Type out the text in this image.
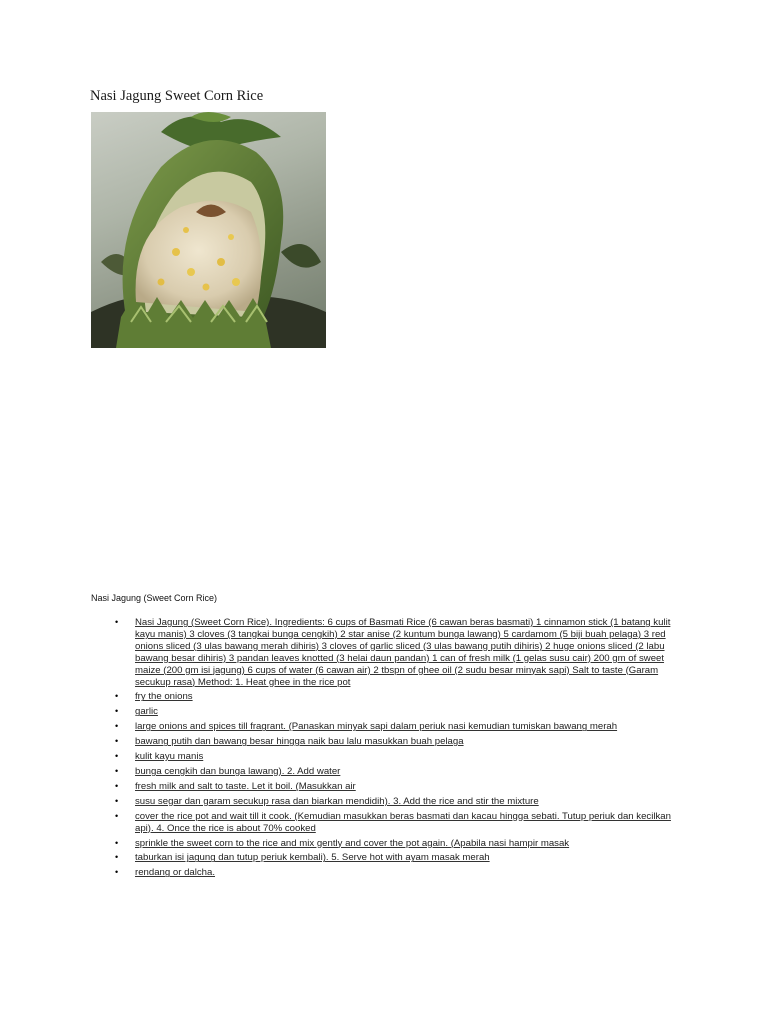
Nasi Jagung Sweet Corn Rice
Nasi Jagung (Sweet Corn Rice)
• Nasi Jagung (Sweet Corn Rice). Ingredients: 6 cups of Basmati Rice (6 cawan beras basmati) 1 cinnamon stick (1 batang kulit kayu manis) 3 cloves (3 tangkai bunga cengkih) 2 star anise (2 kuntum bunga lawang) 5 cardamom (5 biji buah pelaga) 3 red onions sliced (3 ulas bawang merah dihiris) 3 cloves of garlic sliced (3 ulas bawang putih dihiris) 2 huge onions sliced (2 labu bawang besar dihiris) 3 pandan leaves knotted (3 helai daun pandan) 1 can of fresh milk (1 gelas susu cair) 200 gm of sweet maize (200 gm isi jagung) 6 cups of water (6 cawan air) 2 tbspn of ghee oil (2 sudu besar minyak sapi) Salt to taste (Garam secukup rasa) Method: 1. Heat ghee in the rice pot
• fry the onions
• garlic
• large onions and spices till fragrant. (Panaskan minyak sapi dalam periuk nasi kemudian tumiskan bawang merah
• bawang putih dan bawang besar hingga naik bau lalu masukkan buah pelaga
• kulit kayu manis
• bunga cengkih dan bunga lawang). 2. Add water
• fresh milk and salt to taste. Let it boil. (Masukkan air
• susu segar dan garam secukup rasa dan biarkan mendidih). 3. Add the rice and stir the mixture
• cover the rice pot and wait till it cook. (Kemudian masukkan beras basmati dan kacau hingga sebati. Tutup periuk dan kecilkan api). 4. Once the rice is about 70% cooked
• sprinkle the sweet corn to the rice and mix gently and cover the pot again. (Apabila nasi hampir masak
• taburkan isi jagung dan tutup periuk kembali). 5. Serve hot with ayam masak merah
• rendang or dalcha.
